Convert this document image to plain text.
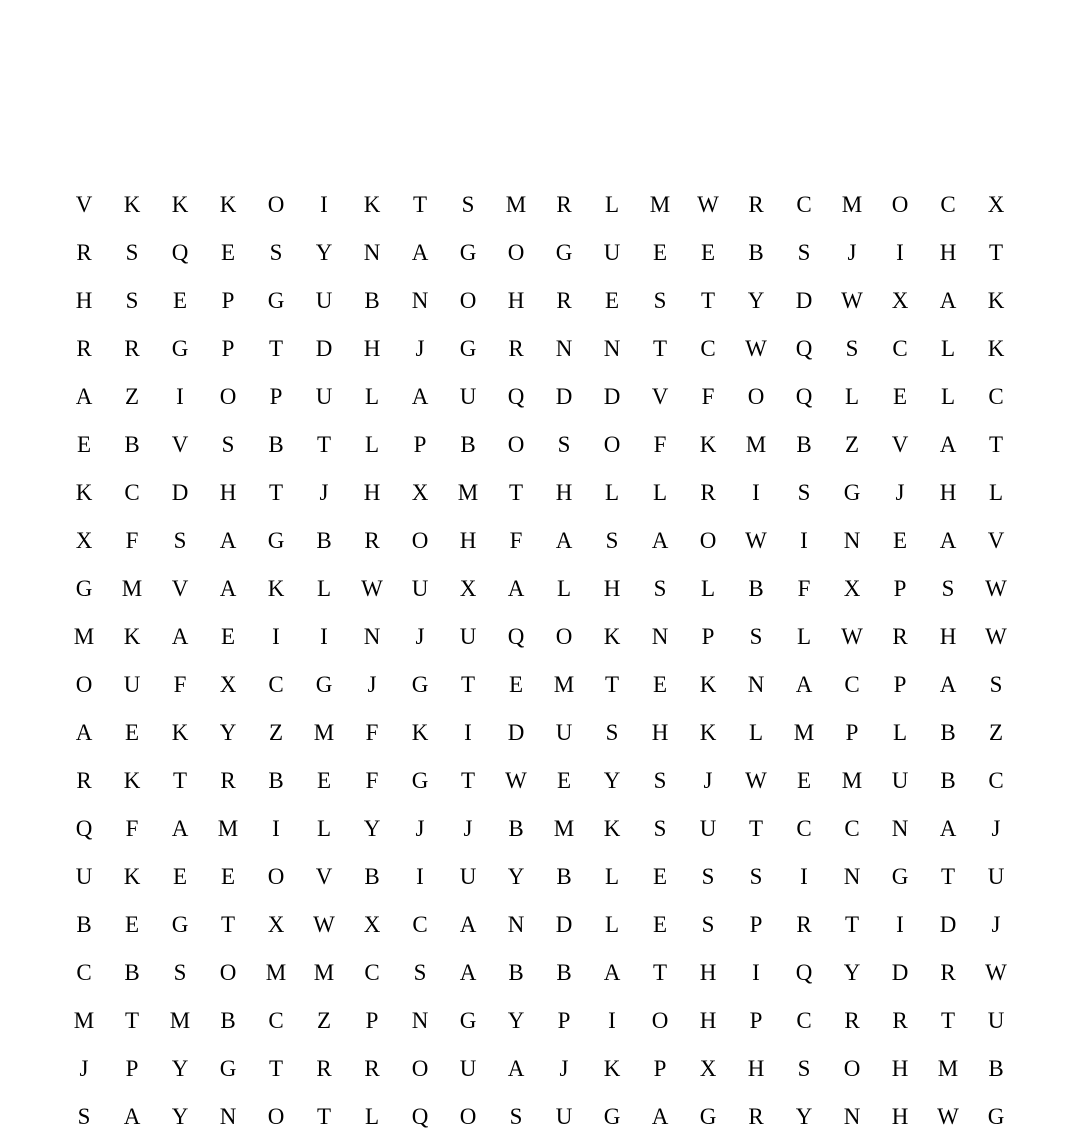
V	K	K	K	O	I	K	T	S	M	R	L	M	W	R	C	M	O	C	X
R	S	Q	E	S	Y	N	A	G	O	G	U	E	E	B	S	J	I	H	T
H	S	E	P	G	U	B	N	O	H	R	E	S	T	Y	D	W	X	A	K
R	R	G	P	T	D	H	J	G	R	N	N	T	C	W	Q	S	C	L	K
A	Z	I	O	P	U	L	A	U	Q	D	D	V	F	O	Q	L	E	L	C
E	B	V	S	B	T	L	P	B	O	S	O	F	K	M	B	Z	V	A	T
K	C	D	H	T	J	H	X	M	T	H	L	L	R	I	S	G	J	H	L
X	F	S	A	G	B	R	O	H	F	A	S	A	O	W	I	N	E	A	V
G	M	V	A	K	L	W	U	X	A	L	H	S	L	B	F	X	P	S	W
M	K	A	E	I	I	N	J	U	Q	O	K	N	P	S	L	W	R	H	W
O	U	F	X	C	G	J	G	T	E	M	T	E	K	N	A	C	P	A	S
A	E	K	Y	Z	M	F	K	I	D	U	S	H	K	L	M	P	L	B	Z
R	K	T	R	B	E	F	G	T	W	E	Y	S	J	W	E	M	U	B	C
Q	F	A	M	I	L	Y	J	J	B	M	K	S	U	T	C	C	N	A	J
U	K	E	E	O	V	B	I	U	Y	B	L	E	S	S	I	N	G	T	U
B	E	G	T	X	W	X	C	A	N	D	L	E	S	P	R	T	I	D	J
C	B	S	O	M	M	C	S	A	B	B	A	T	H	I	Q	Y	D	R	W
M	T	M	B	C	Z	P	N	G	Y	P	I	O	H	P	C	R	R	T	U
J	P	Y	G	T	R	R	O	U	A	J	K	P	X	H	S	O	H	M	B
S	A	Y	N	O	T	L	Q	O	S	U	G	A	G	R	Y	N	H	W	G
